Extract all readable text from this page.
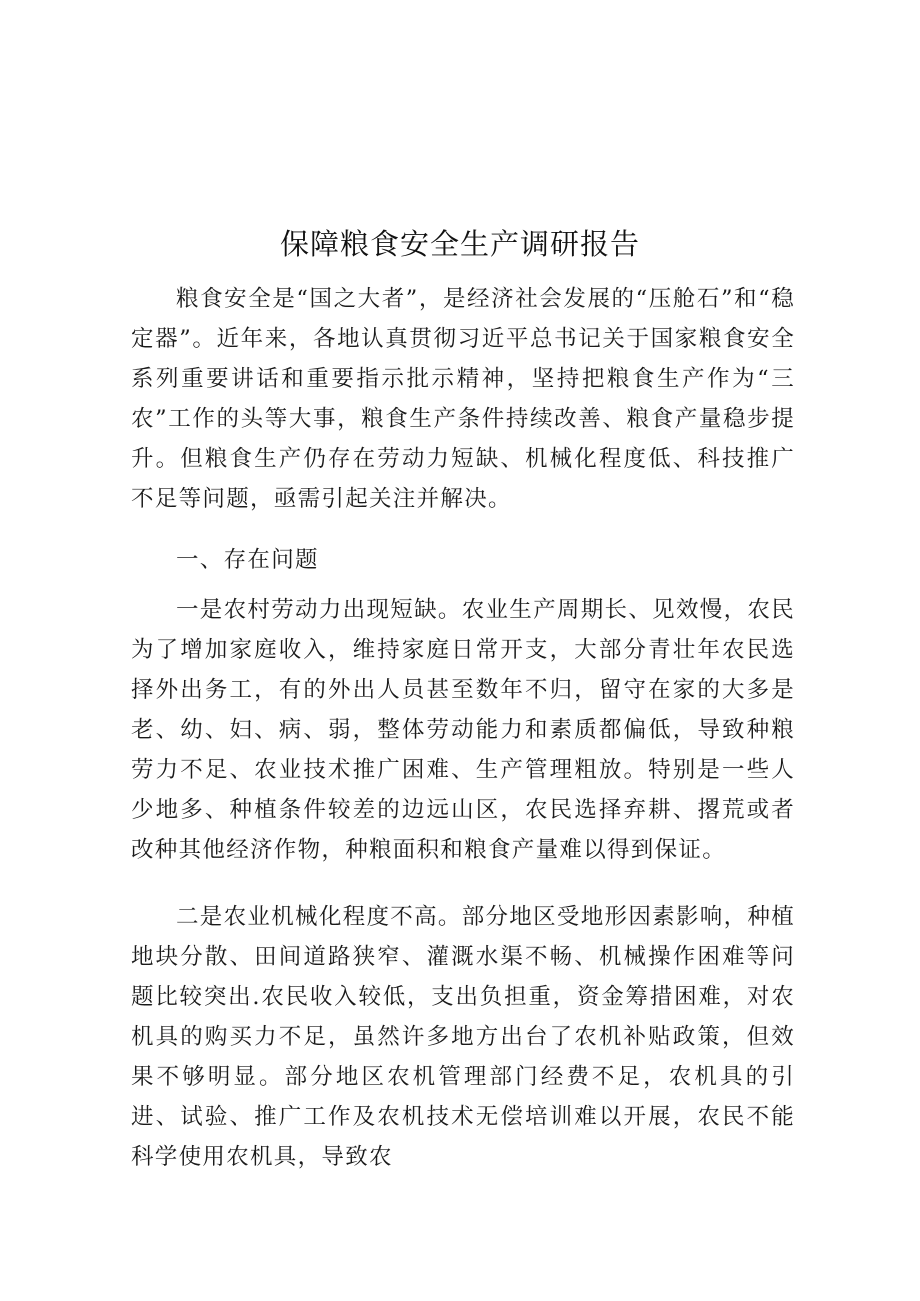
保障粮食安全生产调研报告

粮食安全是“国之大者”，是经济社会发展的“压舱石”和“稳定器”。近年来，各地认真贯彻习近平总书记关于国家粮食安全系列重要讲话和重要指示批示精神，坚持把粮食生产作为“三农”工作的头等大事，粮食生产条件持续改善、粮食产量稳步提升。但粮食生产仍存在劳动力短缺、机械化程度低、科技推广不足等问题，亟需引起关注并解决。

一、存在问题

一是农村劳动力出现短缺。农业生产周期长、见效慢，农民为了增加家庭收入，维持家庭日常开支，大部分青壮年农民选择外出务工，有的外出人员甚至数年不归，留守在家的大多是老、幼、妇、病、弱，整体劳动能力和素质都偏低，导致种粮劳力不足、农业技术推广困难、生产管理粗放。特别是一些人少地多、种植条件较差的边远山区，农民选择弃耕、撂荒或者改种其他经济作物，种粮面积和粮食产量难以得到保证。

二是农业机械化程度不高。部分地区受地形因素影响，种植地块分散、田间道路狭窄、灌溉水渠不畅、机械操作困难等问题比较突出.农民收入较低，支出负担重，资金筹措困难，对农机具的购买力不足，虽然许多地方出台了农机补贴政策，但效果不够明显。部分地区农机管理部门经费不足，农机具的引进、试验、推广工作及农机技术无偿培训难以开展，农民不能科学使用农机具，导致农
